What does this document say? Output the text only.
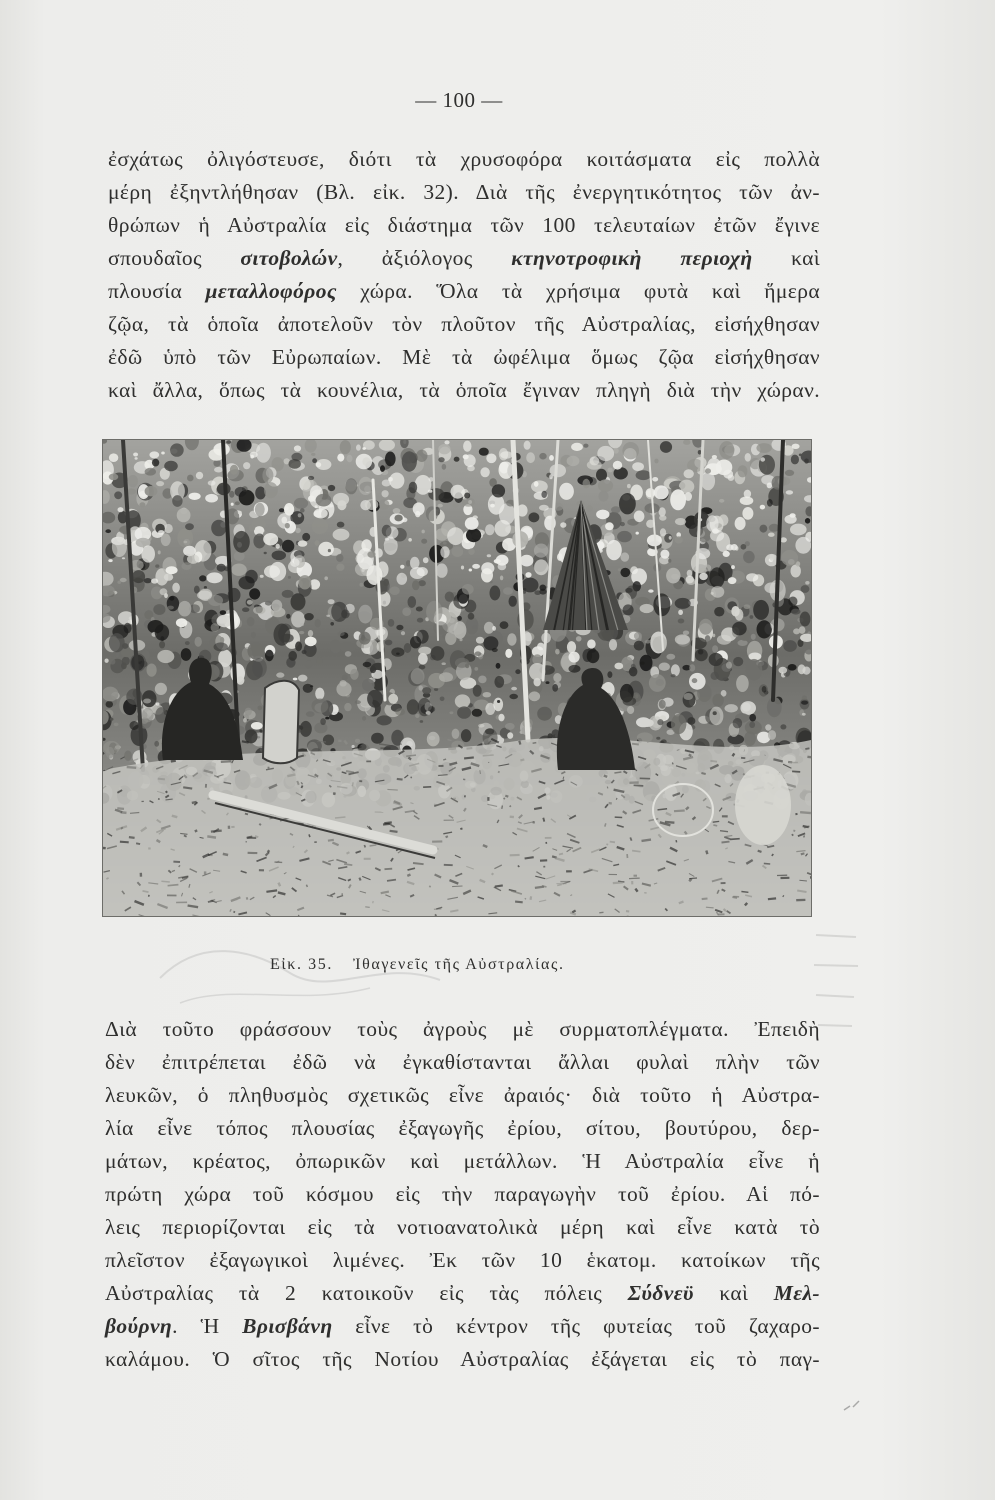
— 100 —
ἐσχάτως ὀλιγόστευσε, διότι τὰ χρυσοφόρα κοιτάσματα εἰς πολλὰ
μέρη ἐξηντλήθησαν (Βλ. εἰκ. 32). Διὰ τῆς ἐνεργητικότητος τῶν ἀν-
θρώπων ἡ Αὐστραλία εἰς διάστημα τῶν 100 τελευταίων ἐτῶν ἔγινε
σπουδαῖος σιτοβολών, ἀξιόλογος κτηνοτροφικὴ περιοχὴ καὶ
πλουσία μεταλλοφόρος χώρα. Ὅλα τὰ χρήσιμα φυτὰ καὶ ἥμερα
ζῷα, τὰ ὁποῖα ἀποτελοῦν τὸν πλοῦτον τῆς Αὐστραλίας, εἰσήχθησαν
ἐδῶ ὑπὸ τῶν Εὐρωπαίων. Μὲ τὰ ὠφέλιμα ὅμως ζῷα εἰσήχθησαν
καὶ ἄλλα, ὅπως τὰ κουνέλια, τὰ ὁποῖα ἔγιναν πληγὴ διὰ τὴν χώραν.
Εἰκ. 35. Ἰθαγενεῖς τῆς Αὐστραλίας.
Διὰ τοῦτο φράσσουν τοὺς ἀγροὺς μὲ συρματοπλέγματα. Ἐπειδὴ
δὲν ἐπιτρέπεται ἐδῶ νὰ ἐγκαθίστανται ἄλλαι φυλαὶ πλὴν τῶν
λευκῶν, ὁ πληθυσμὸς σχετικῶς εἶνε ἀραιός· διὰ τοῦτο ἡ Αὐστρα-
λία εἶνε τόπος πλουσίας ἐξαγωγῆς ἐρίου, σίτου, βουτύρου, δερ-
μάτων, κρέατος, ὀπωρικῶν καὶ μετάλλων. Ἡ Αὐστραλία εἶνε ἡ
πρώτη χώρα τοῦ κόσμου εἰς τὴν παραγωγὴν τοῦ ἐρίου. Αἱ πό-
λεις περιορίζονται εἰς τὰ νοτιοανατολικὰ μέρη καὶ εἶνε κατὰ τὸ
πλεῖστον ἐξαγωγικοὶ λιμένες. Ἐκ τῶν 10 ἑκατομ. κατοίκων τῆς
Αὐστραλίας τὰ 2 κατοικοῦν εἰς τὰς πόλεις Σύδνεϋ καὶ Μελ-
βούρνη. Ἡ Βρισβάνη εἶνε τὸ κέντρον τῆς φυτείας τοῦ ζαχαρο-
καλάμου. Ὁ σῖτος τῆς Νοτίου Αὐστραλίας ἐξάγεται εἰς τὸ παγ-
